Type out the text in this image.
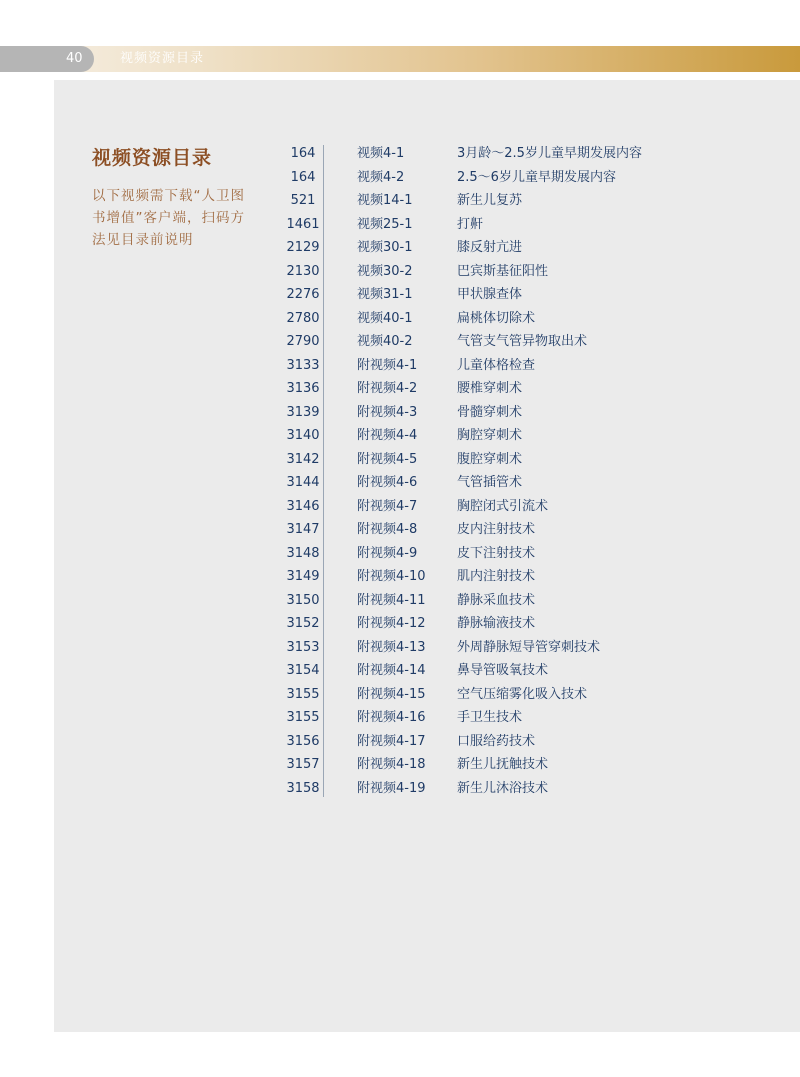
40	视频资源目录
视频资源目录
以下视频需下载“人卫图书增值”客户端，扫码方法见目录前说明
164	视频4-1	3月龄～2.5岁儿童早期发展内容
164	视频4-2	2.5～6岁儿童早期发展内容
521	视频14-1	新生儿复苏
1461	视频25-1	打鼾
2129	视频30-1	膝反射亢进
2130	视频30-2	巴宾斯基征阳性
2276	视频31-1	甲状腺查体
2780	视频40-1	扁桃体切除术
2790	视频40-2	气管支气管异物取出术
3133	附视频4-1	儿童体格检查
3136	附视频4-2	腰椎穿刺术
3139	附视频4-3	骨髓穿刺术
3140	附视频4-4	胸腔穿刺术
3142	附视频4-5	腹腔穿刺术
3144	附视频4-6	气管插管术
3146	附视频4-7	胸腔闭式引流术
3147	附视频4-8	皮内注射技术
3148	附视频4-9	皮下注射技术
3149	附视频4-10 肌内注射技术
3150	附视频4-11 静脉采血技术
3152	附视频4-12 静脉输液技术
3153	附视频4-13 外周静脉短导管穿刺技术
3154	附视频4-14 鼻导管吸氧技术
3155	附视频4-15 空气压缩雾化吸入技术
3155	附视频4-16 手卫生技术
3156	附视频4-17 口服给药技术
3157	附视频4-18 新生儿抚触技术
3158	附视频4-19 新生儿沐浴技术
